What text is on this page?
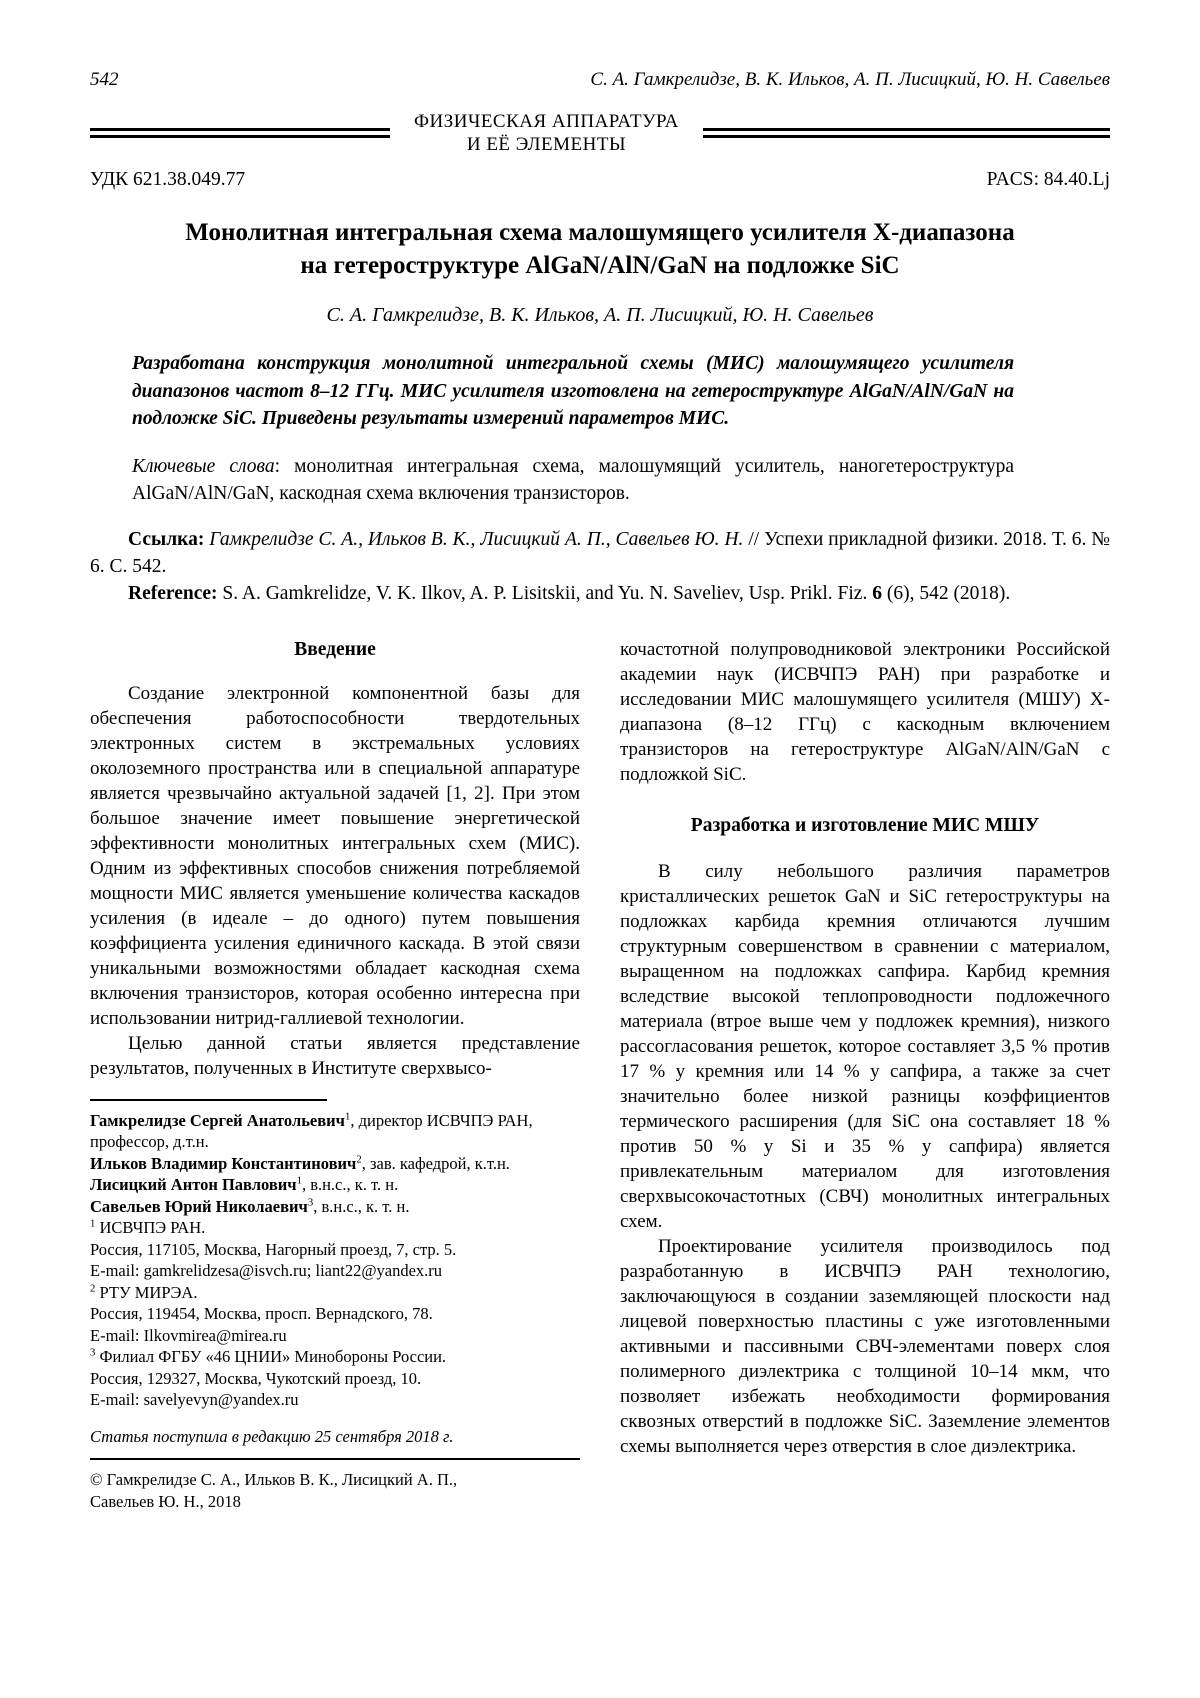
542	С. А. Гамкрелидзе, В. К. Ильков, А. П. Лисицкий, Ю. Н. Савельев
ФИЗИЧЕСКАЯ АППАРАТУРА
И ЕЁ ЭЛЕМЕНТЫ
УДК 621.38.049.77	PACS: 84.40.Lj
Монолитная интегральная схема малошумящего усилителя X-диапазона
на гетероструктуре AlGaN/AlN/GaN на подложке SiC
С. А. Гамкрелидзе, В. К. Ильков, А. П. Лисицкий, Ю. Н. Савельев

Разработана конструкция монолитной интегральной схемы (МИС) малошумящего усилителя диапазонов частот 8–12 ГГц. МИС усилителя изготовлена на гетероструктуре AlGaN/AlN/GaN на подложке SiC. Приведены результаты измерений параметров МИС.

Ключевые слова: монолитная интегральная схема, малошумящий усилитель, наногетероструктура AlGaN/AlN/GaN, каскодная схема включения транзисторов.

Ссылка: Гамкрелидзе С. А., Ильков В. К., Лисицкий А. П., Савельев Ю. Н. // Успехи прикладной физики. 2018. Т. 6. № 6. С. 542.

Reference: S. A. Gamkrelidze, V. K. Ilkov, A. P. Lisitskii, and Yu. N. Saveliev, Usp. Prikl. Fiz. 6 (6), 542 (2018).

Введение

Создание электронной компонентной базы для обеспечения работоспособности твердотельных электронных систем в экстремальных условиях околоземного пространства или в специальной аппаратуре является чрезвычайно актуальной задачей [1, 2]. При этом большое значение имеет повышение энергетической эффективности монолитных интегральных схем (МИС). Одним из эффективных способов снижения потребляемой мощности МИС является уменьшение количества каскадов усиления (в идеале – до одного) путем повышения коэффициента усиления единичного каскада. В этой связи уникальными возможностями обладает каскодная схема включения транзисторов, которая особенно интересна при использовании нитрид-галлиевой технологии.

Целью данной статьи является представление результатов, полученных в Институте сверхвысо-

Гамкрелидзе Сергей Анатольевич$^1$, директор ИСВЧПЭ РАН, профессор, д.т.н.

Ильков Владимир Константинович$^2$, зав. кафедрой, к.т.н.

Лисицкий Антон Павлович$^1$, в.н.с., к. т. н.

Савельев Юрий Николаевич$^3$, в.н.с., к. т. н.

$^1$ ИСВЧПЭ РАН.

Россия, 117105, Москва, Нагорный проезд, 7, стр. 5.

E-mail: gamkrelidzesa@isvch.ru; liant22@yandex.ru

$^2$ РТУ МИРЭА.

Россия, 119454, Москва, просп. Вернадского, 78.

E-mail: Ilkovmirea@mirea.ru

$^3$ Филиал ФГБУ «46 ЦНИИ» Минобороны России.

Россия, 129327, Москва, Чукотский проезд, 10.

E-mail: savelyevyn@yandex.ru

Статья поступила в редакцию 25 сентября 2018 г.

© Гамкрелидзе С. А., Ильков В. К., Лисицкий А. П.,
Савельев Ю. Н., 2018

кочастотной полупроводниковой электроники Российской академии наук (ИСВЧПЭ РАН) при разработке и исследовании МИС малошумящего усилителя (МШУ) X-диапазона (8–12 ГГц) с каскодным включением транзисторов на гетероструктуре AlGaN/AlN/GaN с подложкой SiC.

Разработка и изготовление МИС МШУ

В силу небольшого различия параметров кристаллических решеток GaN и SiC гетероструктуры на подложках карбида кремния отличаются лучшим структурным совершенством в сравнении с материалом, выращенном на подложках сапфира. Карбид кремния вследствие высокой теплопроводности подложечного материала (втрое выше чем у подложек кремния), низкого рассогласования решеток, которое составляет 3,5 % против 17 % у кремния или 14 % у сапфира, а также за счет значительно более низкой разницы коэффициентов термического расширения (для SiC она составляет 18 % против 50 % у Si и 35 % у сапфира) является привлекательным материалом для изготовления сверхвысокочастотных (СВЧ) монолитных интегральных схем.

Проектирование усилителя производилось под разработанную в ИСВЧПЭ РАН технологию, заключающуюся в создании заземляющей плоскости над лицевой поверхностью пластины с уже изготовленными активными и пассивными СВЧ-элементами поверх слоя полимерного диэлектрика с толщиной 10–14 мкм, что позволяет избежать необходимости формирования сквозных отверстий в подложке SiC. Заземление элементов схемы выполняется через отверстия в слое диэлектрика.
